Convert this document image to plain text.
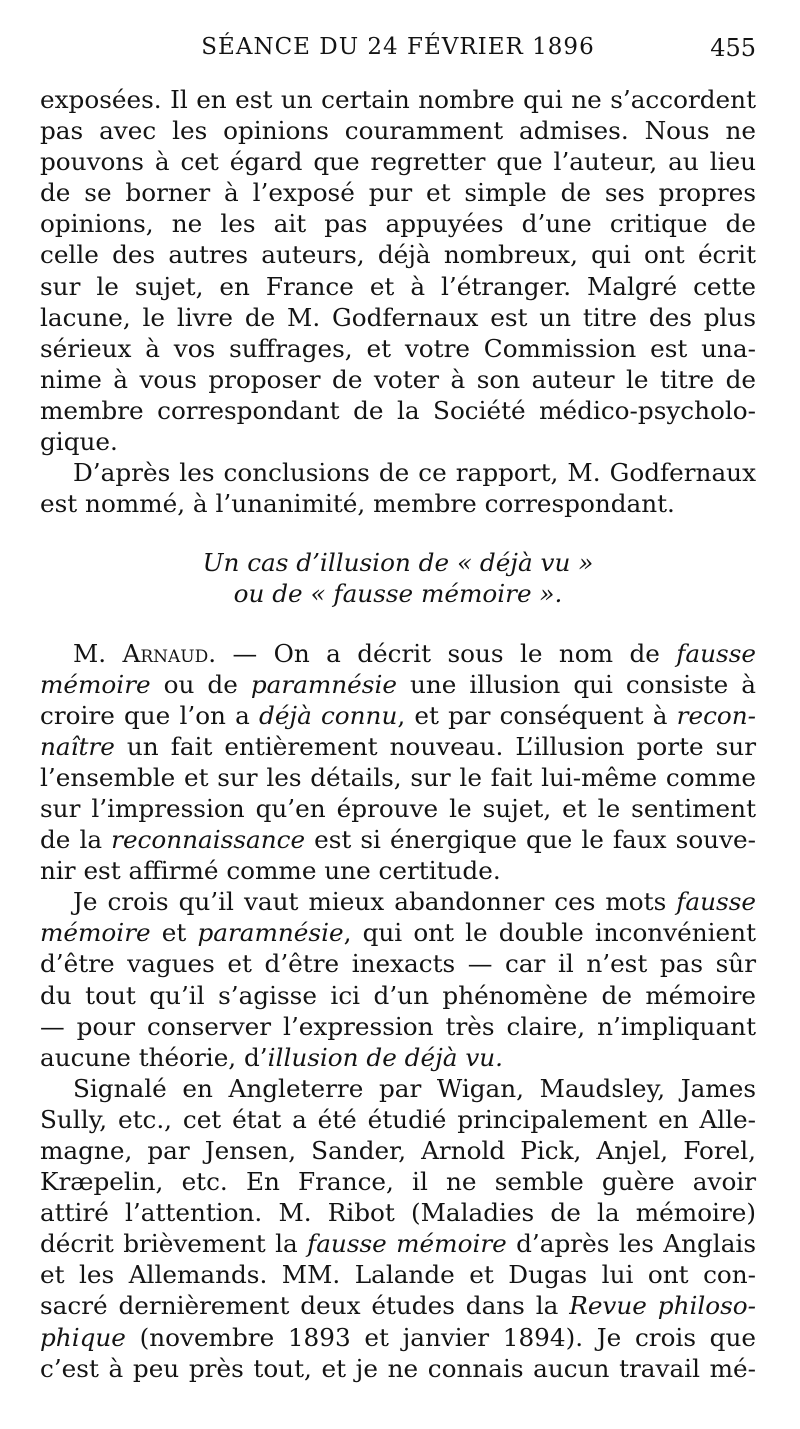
SÉANCE DU 24 FÉVRIER 1896	455
exposées. Il en est un certain nombre qui ne s’accordent
pas avec les opinions couramment admises. Nous ne
pouvons à cet égard que regretter que l’auteur, au lieu
de se borner à l’exposé pur et simple de ses propres
opinions, ne les ait pas appuyées d’une critique de
celle des autres auteurs, déjà nombreux, qui ont écrit
sur le sujet, en France et à l’étranger. Malgré cette
lacune, le livre de M. Godfernaux est un titre des plus
sérieux à vos suffrages, et votre Commission est una-
nime à vous proposer de voter à son auteur le titre de
membre correspondant de la Société médico-psycholo-
gique.
D’après les conclusions de ce rapport, M. Godfernaux
est nommé, à l’unanimité, membre correspondant.
Un cas d’illusion de « déjà vu »
ou de « fausse mémoire ».
M. Arnaud. — On a décrit sous le nom de fausse
mémoire ou de paramnésie une illusion qui consiste à
croire que l’on a déjà connu, et par conséquent à recon-
naître un fait entièrement nouveau. L’illusion porte sur
l’ensemble et sur les détails, sur le fait lui-même comme
sur l’impression qu’en éprouve le sujet, et le sentiment
de la reconnaissance est si énergique que le faux souve-
nir est affirmé comme une certitude.
Je crois qu’il vaut mieux abandonner ces mots fausse
mémoire et paramnésie, qui ont le double inconvénient
d’être vagues et d’être inexacts — car il n’est pas sûr
du tout qu’il s’agisse ici d’un phénomène de mémoire
— pour conserver l’expression très claire, n’impliquant
aucune théorie, d’illusion de déjà vu.
Signalé en Angleterre par Wigan, Maudsley, James
Sully, etc., cet état a été étudié principalement en Alle-
magne, par Jensen, Sander, Arnold Pick, Anjel, Forel,
Kræpelin, etc. En France, il ne semble guère avoir
attiré l’attention. M. Ribot (Maladies de la mémoire)
décrit brièvement la fausse mémoire d’après les Anglais
et les Allemands. MM. Lalande et Dugas lui ont con-
sacré dernièrement deux études dans la Revue philoso-
phique (novembre 1893 et janvier 1894). Je crois que
c’est à peu près tout, et je ne connais aucun travail mé-
